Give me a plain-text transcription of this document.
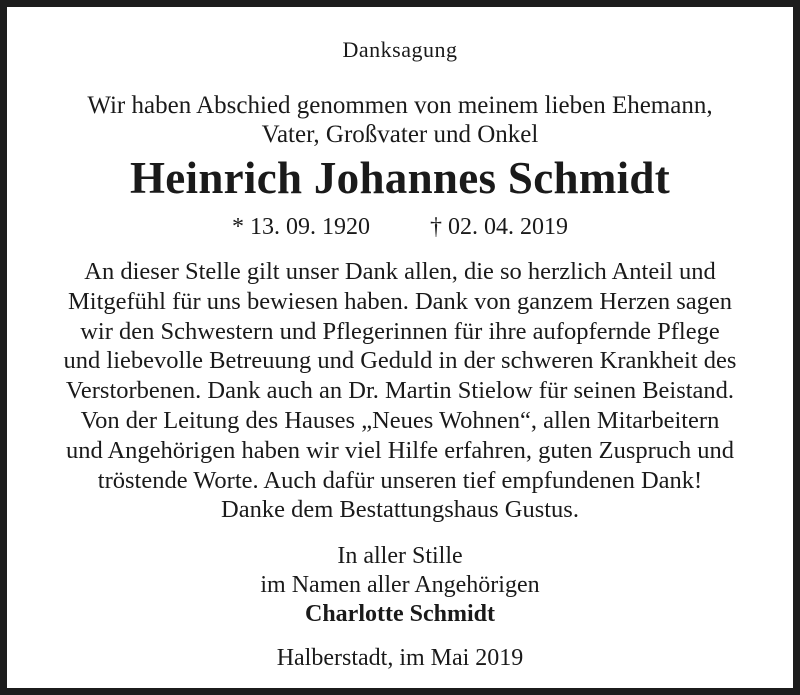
Danksagung
Wir haben Abschied genommen von meinem lieben Ehemann,
Vater, Großvater und Onkel
Heinrich Johannes Schmidt
* 13. 09. 1920	† 02. 04. 2019
An dieser Stelle gilt unser Dank allen, die so herzlich Anteil und
Mitgefühl für uns bewiesen haben. Dank von ganzem Herzen sagen
wir den Schwestern und Pflegerinnen für ihre aufopfernde Pflege
und liebevolle Betreuung und Geduld in der schweren Krankheit des
Verstorbenen. Dank auch an Dr. Martin Stielow für seinen Beistand.
Von der Leitung des Hauses „Neues Wohnen“, allen Mitarbeitern
und Angehörigen haben wir viel Hilfe erfahren, guten Zuspruch und
tröstende Worte. Auch dafür unseren tief empfundenen Dank!
Danke dem Bestattungshaus Gustus.
In aller Stille
im Namen aller Angehörigen
Charlotte Schmidt
Halberstadt, im Mai 2019
